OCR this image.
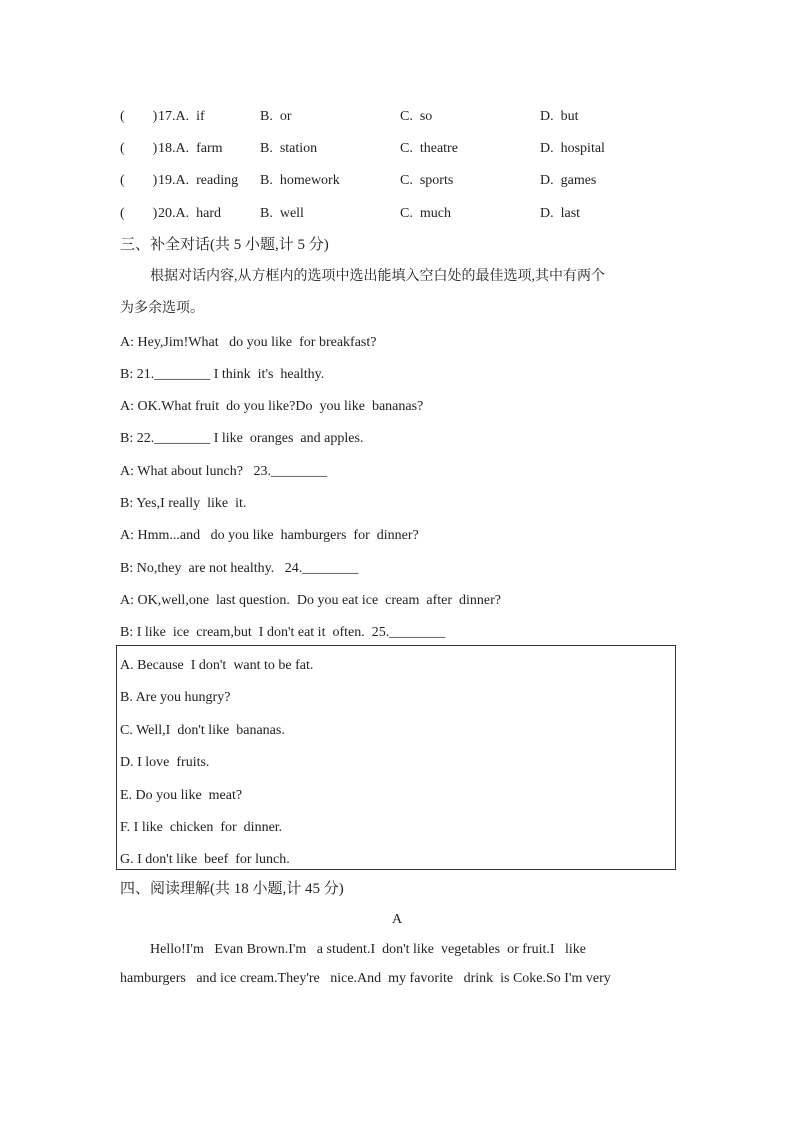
(        ) 17.A.  if	B.  or	C.  so	D.  but
(        ) 18.A.  farm	B.  station	C.  theatre	D.  hospital
(        ) 19.A.  reading B.  homework	C.  sports	D.  games
(        ) 20.A.  hard	B.  well	C.  much	D.  last
三、补全对话(共 5 小题,计 5 分)
根据对话内容,从方框内的选项中选出能填入空白处的最佳选项,其中有两个
为多余选项。
A: Hey,Jim!What   do you like  for breakfast?
B: 21.________ I think  it's  healthy.
A: OK.What fruit  do you like?Do  you like  bananas?
B: 22.________ I like  oranges  and apples.
A: What about lunch?   23.________
B: Yes,I really  like  it.
A: Hmm...and   do you like  hamburgers  for  dinner?
B: No,they  are not healthy.   24.________
A: OK,well,one  last question.  Do you eat ice  cream  after  dinner?
B: I like  ice  cream,but  I don't eat it  often.  25.________
A. Because  I don't  want to be fat.
B. Are you hungry?
C. Well,I  don't like  bananas.
D. I love  fruits.
E. Do you like  meat?
F. I like  chicken  for  dinner.
G. I don't like  beef  for lunch.
四、阅读理解(共 18 小题,计 45 分)
A
Hello!I'm   Evan Brown.I'm   a student.I  don't like  vegetables  or fruit.I   like
hamburgers   and ice cream.They're   nice.And  my favorite   drink  is Coke.So I'm very
